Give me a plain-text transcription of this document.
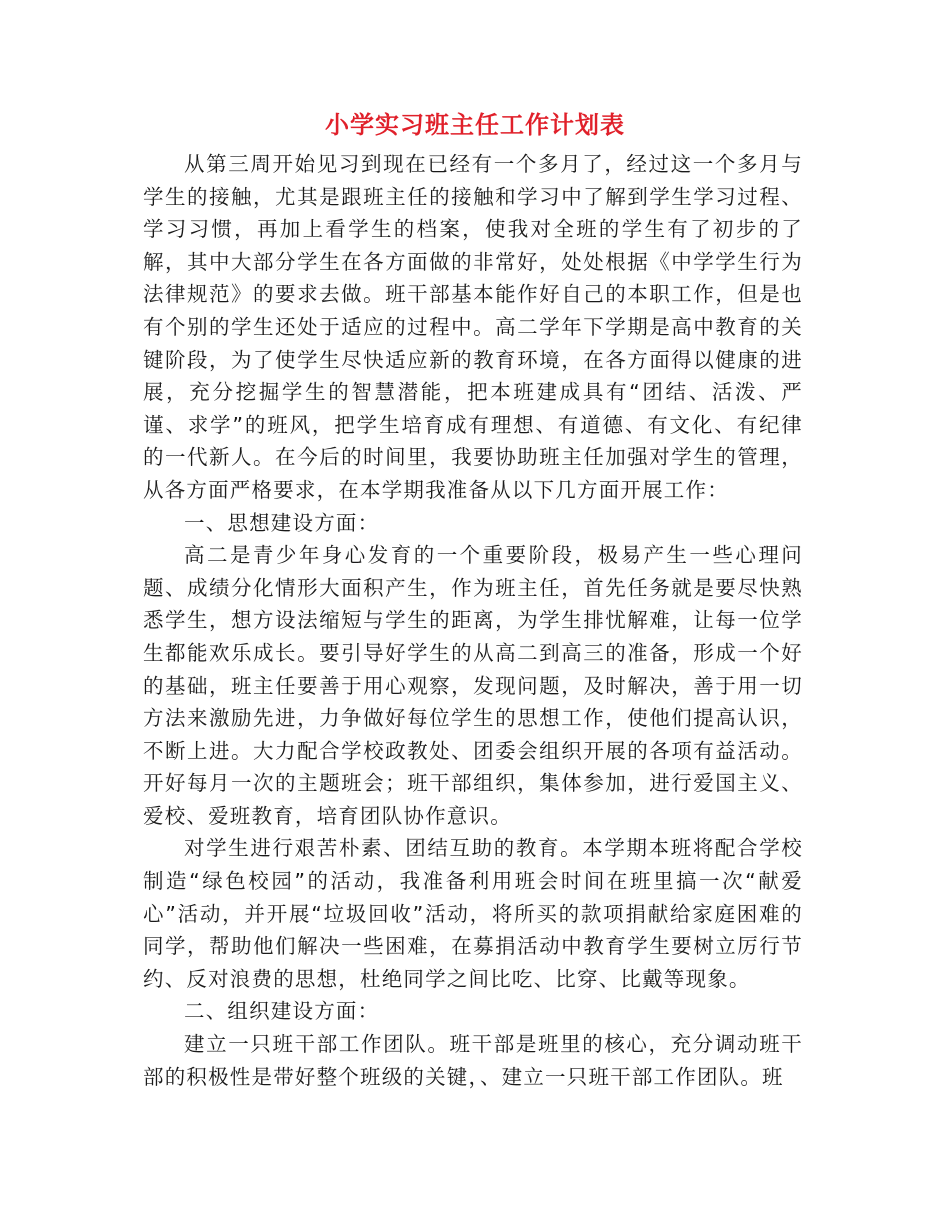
小学实习班主任工作计划表

从第三周开始见习到现在已经有一个多月了，经过这一个多月与学生的接触，尤其是跟班主任的接触和学习中了解到学生学习过程、学习习惯，再加上看学生的档案，使我对全班的学生有了初步的了解，其中大部分学生在各方面做的非常好，处处根据《中学学生行为法律规范》的要求去做。班干部基本能作好自己的本职工作，但是也有个别的学生还处于适应的过程中。高二学年下学期是高中教育的关键阶段，为了使学生尽快适应新的教育环境，在各方面得以健康的进展，充分挖掘学生的智慧潜能，把本班建成具有“团结、活泼、严谨、求学”的班风，把学生培育成有理想、有道德、有文化、有纪律的一代新人。在今后的时间里，我要协助班主任加强对学生的管理，从各方面严格要求，在本学期我准备从以下几方面开展工作：

一、思想建设方面：

高二是青少年身心发育的一个重要阶段，极易产生一些心理问题、成绩分化情形大面积产生，作为班主任，首先任务就是要尽快熟悉学生，想方设法缩短与学生的距离，为学生排忧解难，让每一位学生都能欢乐成长。要引导好学生的从高二到高三的准备，形成一个好的基础，班主任要善于用心观察，发现问题，及时解决，善于用一切方法来激励先进，力争做好每位学生的思想工作，使他们提高认识，不断上进。大力配合学校政教处、团委会组织开展的各项有益活动。开好每月一次的主题班会；班干部组织，集体参加，进行爱国主义、爱校、爱班教育，培育团队协作意识。

对学生进行艰苦朴素、团结互助的教育。本学期本班将配合学校制造“绿色校园”的活动，我准备利用班会时间在班里搞一次“献爱心”活动，并开展“垃圾回收”活动，将所买的款项捐献给家庭困难的同学，帮助他们解决一些困难，在募捐活动中教育学生要树立厉行节约、反对浪费的思想，杜绝同学之间比吃、比穿、比戴等现象。

二、组织建设方面：

建立一只班干部工作团队。班干部是班里的核心，充分调动班干部的积极性是带好整个班级的关键，、建立一只班干部工作团队。班
